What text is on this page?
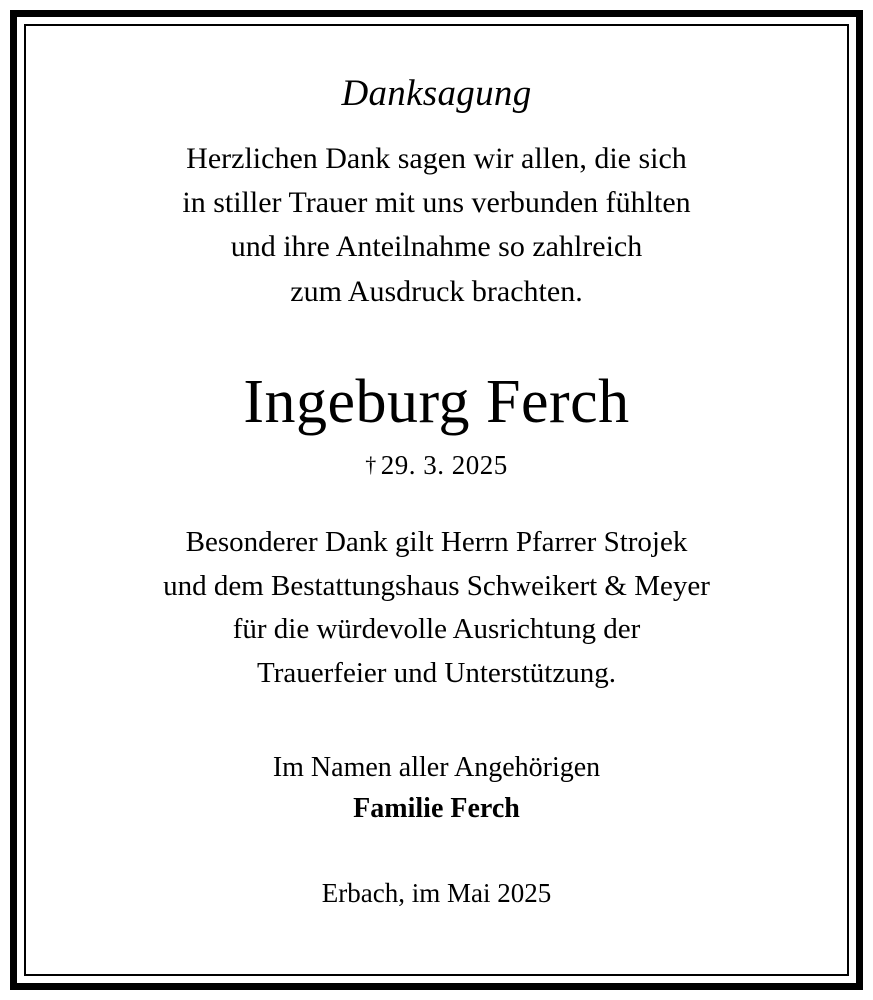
Danksagung
Herzlichen Dank sagen wir allen, die sich
in stiller Trauer mit uns verbunden fühlten
und ihre Anteilnahme so zahlreich
zum Ausdruck brachten.
Ingeburg Ferch
† 29. 3. 2025
Besonderer Dank gilt Herrn Pfarrer Strojek
und dem Bestattungshaus Schweikert & Meyer
für die würdevolle Ausrichtung der
Trauerfeier und Unterstützung.
Im Namen aller Angehörigen
Familie Ferch
Erbach, im Mai 2025
